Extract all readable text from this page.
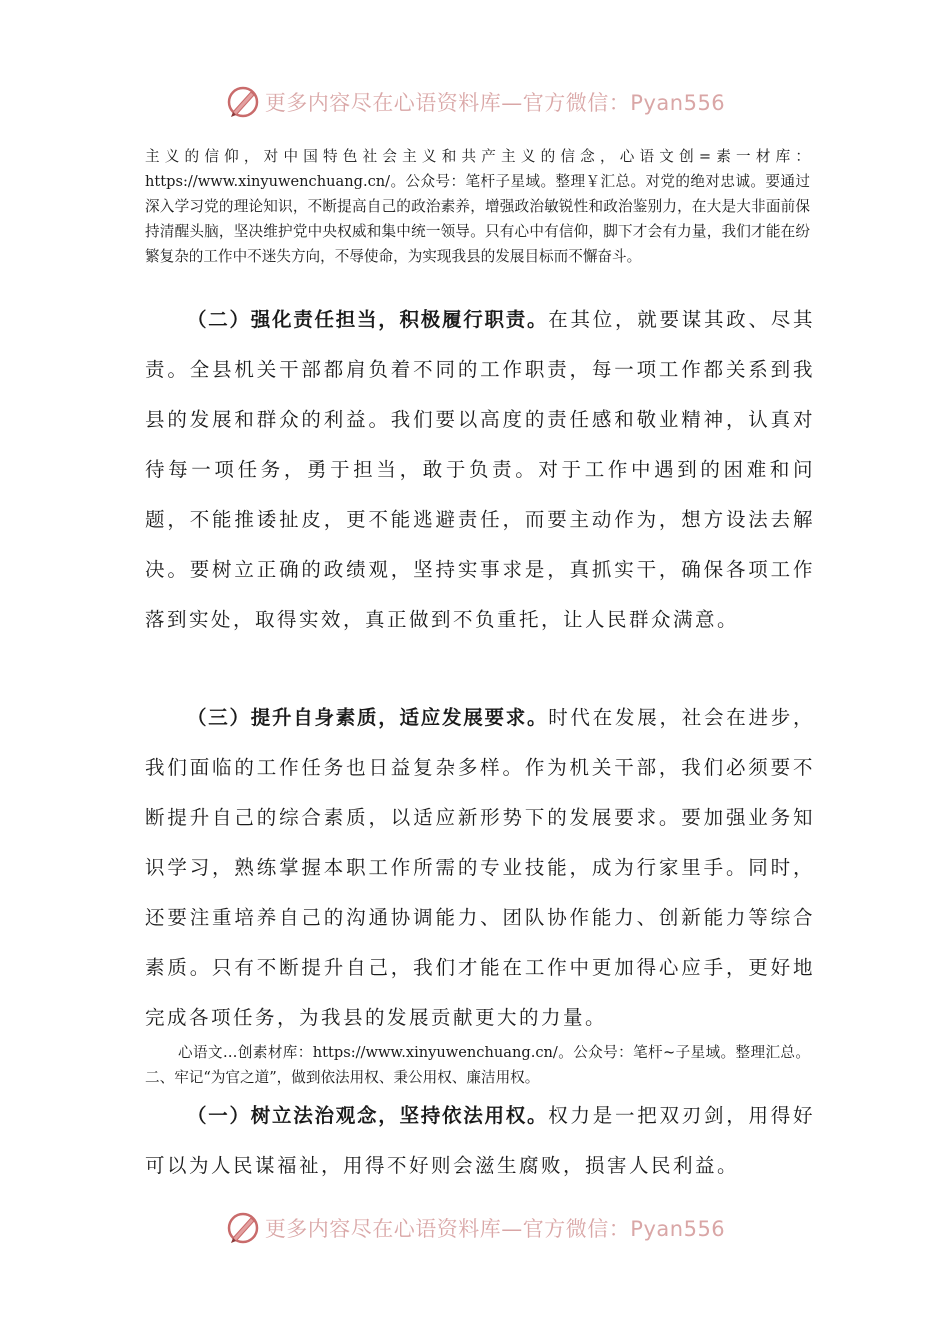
更多内容尽在心语资料库—官方微信：Pyan556
主义的信仰，对中国特色社会主义和共产主义的信念，心语文创=素一材库：https://www.xinyuwenchuang.cn/。公众号：笔杆子星域。整理￥汇总。对党的绝对忠诚。要通过深入学习党的理论知识，不断提高自己的政治素养，增强政治敏锐性和政治鉴别力，在大是大非面前保持清醒头脑，坚决维护党中央权威和集中统一领导。只有心中有信仰，脚下才会有力量，我们才能在纷繁复杂的工作中不迷失方向，不辱使命，为实现我县的发展目标而不懈奋斗。
（二）强化责任担当，积极履行职责。在其位，就要谋其政、尽其责。全县机关干部都肩负着不同的工作职责，每一项工作都关系到我县的发展和群众的利益。我们要以高度的责任感和敬业精神，认真对待每一项任务，勇于担当，敢于负责。对于工作中遇到的困难和问题，不能推诿扯皮，更不能逃避责任，而要主动作为，想方设法去解决。要树立正确的政绩观，坚持实事求是，真抓实干，确保各项工作落到实处，取得实效，真正做到不负重托，让人民群众满意。
（三）提升自身素质，适应发展要求。时代在发展，社会在进步，我们面临的工作任务也日益复杂多样。作为机关干部，我们必须要不断提升自己的综合素质，以适应新形势下的发展要求。要加强业务知识学习，熟练掌握本职工作所需的专业技能，成为行家里手。同时，还要注重培养自己的沟通协调能力、团队协作能力、创新能力等综合素质。只有不断提升自己，我们才能在工作中更加得心应手，更好地完成各项任务，为我县的发展贡献更大的力量。
心语文…创素材库：https://www.xinyuwenchuang.cn/。公众号：笔杆~子星域。整理汇总。二、牢记“为官之道”，做到依法用权、秉公用权、廉洁用权。
（一）树立法治观念，坚持依法用权。权力是一把双刃剑，用得好可以为人民谋福祉，用得不好则会滋生腐败，损害人民利益。
更多内容尽在心语资料库—官方微信：Pyan556
